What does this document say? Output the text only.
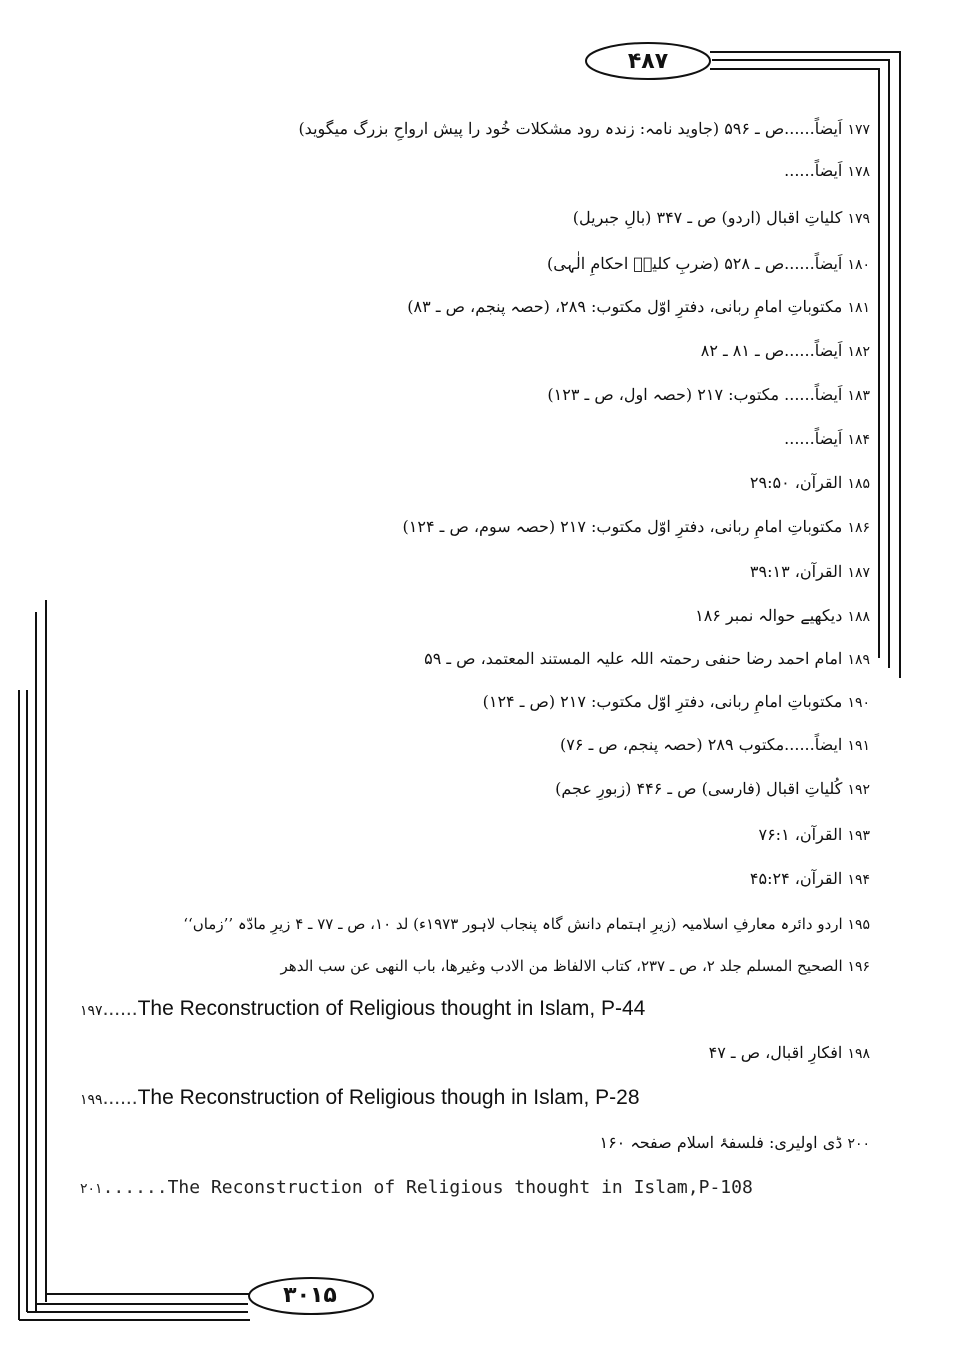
۴۸۷
۳۰۱۵
۱۷۷ اَیضاً......ص ـ ۵۹۶ (جاوید نامہ: زندہ رود مشکلات خُود را پیش ارواحِ بزرگ میگوید)
۱۷۸ اَیضاً......
۱۷۹ کلیاتِ اقبال (اردو) ص ـ ۳۴۷ (بالِ جبریل)
۱۸۰ اَیضاً......ص ـ ۵۲۸ (ضربِ کلیمؔ احکامِ الٰہی)
۱۸۱ مکتوباتِ امامِ ربانی، دفترِ اوّل مکتوب: ۲۸۹، (حصہ پنجم، ص ـ ۸۳)
۱۸۲ اَیضاً......ص ـ ۸۱ ـ ۸۲
۱۸۳ اَیضاً...... مکتوب: ۲۱۷ (حصہ اول، ص ـ ۱۲۳)
۱۸۴ اَیضاً......
۱۸۵ القرآن، ۲۹:۵۰
۱۸۶ مکتوباتِ امامِ ربانی، دفترِ اوّل مکتوب: ۲۱۷ (حصہ سوم، ص ـ ۱۲۴)
۱۸۷ القرآن، ۳۹:۱۳
۱۸۸ دیکھیے حوالہ نمبر ۱۸۶
۱۸۹ امام احمد رضا حنفی رحمتہ اللہ علیہ المستند المعتمد، ص ـ ۵۹
۱۹۰ مکتوباتِ امامِ ربانی، دفترِ اوّل مکتوب: ۲۱۷ (ص ـ ۱۲۴)
۱۹۱ ایضاً......مکتوب ۲۸۹ (حصہ پنجم، ص ـ ۷۶)
۱۹۲ کُلیاتِ اقبال (فارسی) ص ـ ۴۴۶ (زبورِ عجم)
۱۹۳ القرآن، ۷۶:۱
۱۹۴ القرآن، ۴۵:۲۴
۱۹۵ اردو دائرہ معارفِ اسلامیہ (زیرِ اہتمام دانش گاہ پنجاب لاہور ۱۹۷۳ء) لد ۱۰، ص ـ ۷۷ ـ ۴ زیرِ مادّہ ’’زماں‘‘
۱۹۶ الصحیح المسلم جلد ۲، ص ـ ۲۳۷، کتاب الالفاظ من الادب وغیرھا، باب النھی عن سب الدھر
۱۹۷......The Reconstruction of Religious thought in Islam, P-44
۱۹۸ افکارِ اقبال، ص ـ ۴۷
۱۹۹......The Reconstruction of Religious though in Islam, P-28
۲۰۰ ڈی اولیری: فلسفۂ اسلام صفحہ ۱۶۰
۲۰۱......The Reconstruction of Religious thought in Islam,P-108
